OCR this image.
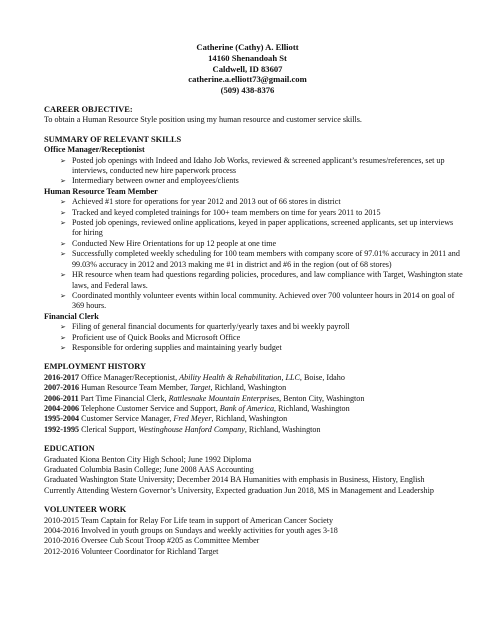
Catherine (Cathy) A. Elliott
14160 Shenandoah St
Caldwell, ID 83607
catherine.a.elliott73@gmail.com
(509) 438-8376
CAREER OBJECTIVE:
To obtain a Human Resource Style position using my human resource and customer service skills.
SUMMARY OF RELEVANT SKILLS
Office Manager/Receptionist
➢ Posted job openings with Indeed and Idaho Job Works, reviewed & screened applicant’s resumes/references, set up interviews, conducted new hire paperwork process
➢ Intermediary between owner and employees/clients
Human Resource Team Member
➢ Achieved #1 store for operations for year 2012 and 2013 out of 66 stores in district
➢ Tracked and keyed completed trainings for 100+ team members on time for years 2011 to 2015
➢ Posted job openings, reviewed online applications, keyed in paper applications, screened applicants, set up interviews for hiring
➢ Conducted New Hire Orientations for up 12 people at one time
➢ Successfully completed weekly scheduling for 100 team members with company score of 97.01% accuracy in 2011 and 99.03% accuracy in 2012 and 2013 making me #1 in district and #6 in the region (out of 68 stores)
➢ HR resource when team had questions regarding policies, procedures, and law compliance with Target, Washington state laws, and Federal laws.
➢ Coordinated monthly volunteer events within local community. Achieved over 700 volunteer hours in 2014 on goal of 369 hours.
Financial Clerk
➢ Filing of general financial documents for quarterly/yearly taxes and bi weekly payroll
➢ Proficient use of Quick Books and Microsoft Office
➢ Responsible for ordering supplies and maintaining yearly budget
EMPLOYMENT HISTORY
2016-2017 Office Manager/Receptionist, Ability Health & Rehabilitation, LLC, Boise, Idaho
2007-2016 Human Resource Team Member, Target, Richland, Washington
2006-2011 Part Time Financial Clerk, Rattlesnake Mountain Enterprises, Benton City, Washington
2004-2006 Telephone Customer Service and Support, Bank of America, Richland, Washington
1995-2004 Customer Service Manager, Fred Meyer, Richland, Washington
1992-1995 Clerical Support, Westinghouse Hanford Company, Richland, Washington
EDUCATION
Graduated Kiona Benton City High School; June 1992 Diploma
Graduated Columbia Basin College; June 2008 AAS Accounting
Graduated Washington State University; December 2014 BA Humanities with emphasis in Business, History, English
Currently Attending Western Governor’s University, Expected graduation Jun 2018, MS in Management and Leadership
VOLUNTEER WORK
2010-2015 Team Captain for Relay For Life team in support of American Cancer Society
2004-2016 Involved in youth groups on Sundays and weekly activities for youth ages 3-18
2010-2016 Oversee Cub Scout Troop #205 as Committee Member
2012-2016 Volunteer Coordinator for Richland Target
